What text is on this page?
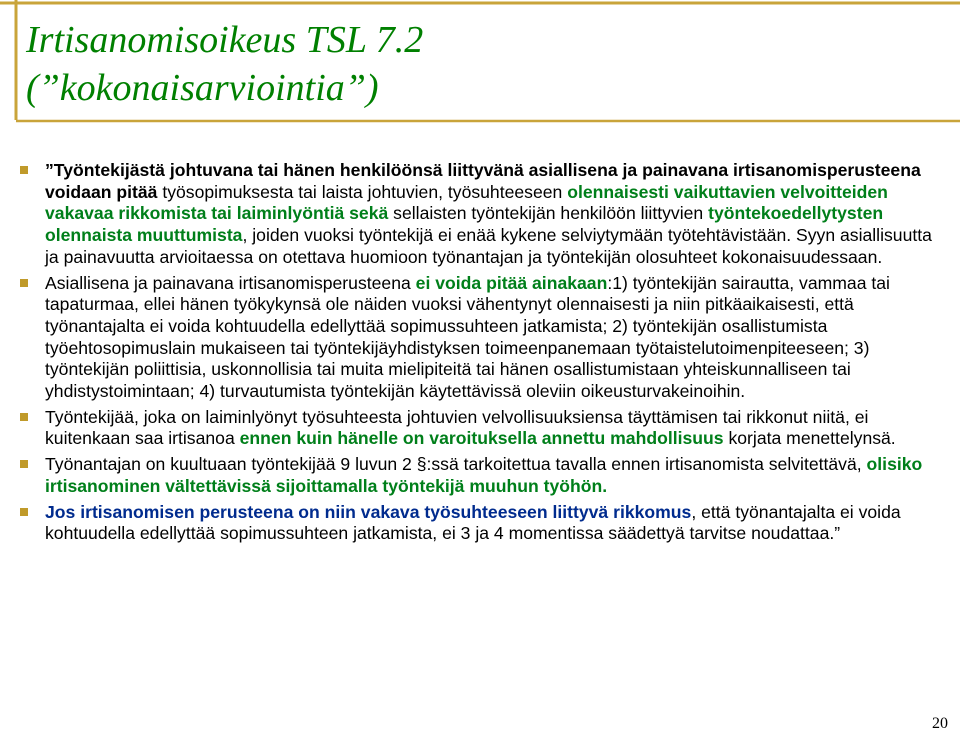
Irtisanomisoikeus TSL 7.2
(”kokonaisarviointia”)
”Työntekijästä johtuvana tai hänen henkilöönsä liittyvänä asiallisena ja painavana irtisanomisperusteena voidaan pitää työsopimuksesta tai laista johtuvien, työsuhteeseen olennaisesti vaikuttavien velvoitteiden vakavaa rikkomista tai laiminlyöntiä sekä sellaisten työntekijän henkilöön liittyvien työntekoedellytysten olennaista muuttumista, joiden vuoksi työntekijä ei enää kykene selviytymään työtehtävistään. Syyn asiallisuutta ja painavuutta arvioitaessa on otettava huomioon työnantajan ja työntekijän olosuhteet kokonaisuudessaan.
Asiallisena ja painavana irtisanomisperusteena ei voida pitää ainakaan:1) työntekijän sairautta, vammaa tai tapaturmaa, ellei hänen työkykynsä ole näiden vuoksi vähentynyt olennaisesti ja niin pitkäaikaisesti, että työnantajalta ei voida kohtuudella edellyttää sopimussuhteen jatkamista; 2) työntekijän osallistumista työehtosopimuslain mukaiseen tai työntekijäyhdistyksen toimeenpanemaan työtaistelutoimenpiteeseen; 3) työntekijän poliittisia, uskonnollisia tai muita mielipiteitä tai hänen osallistumistaan yhteiskunnalliseen tai yhdistystoimintaan; 4) turvautumista työntekijän käytettävissä oleviin oikeusturvakeinoihin.
Työntekijää, joka on laiminlyönyt työsuhteesta johtuvien velvollisuuksiensa täyttämisen tai rikkonut niitä, ei kuitenkaan saa irtisanoa ennen kuin hänelle on varoituksella annettu mahdollisuus korjata menettelynsä.
Työnantajan on kuultuaan työntekijää 9 luvun 2 §:ssä tarkoitettua tavalla ennen irtisanomista selvitettävä, olisiko irtisanominen vältettävissä sijoittamalla työntekijä muuhun työhön.
Jos irtisanomisen perusteena on niin vakava työsuhteeseen liittyvä rikkomus, että työnantajalta ei voida kohtuudella edellyttää sopimussuhteen jatkamista, ei 3 ja 4 momentissa säädettyä tarvitse noudattaa.”
20
